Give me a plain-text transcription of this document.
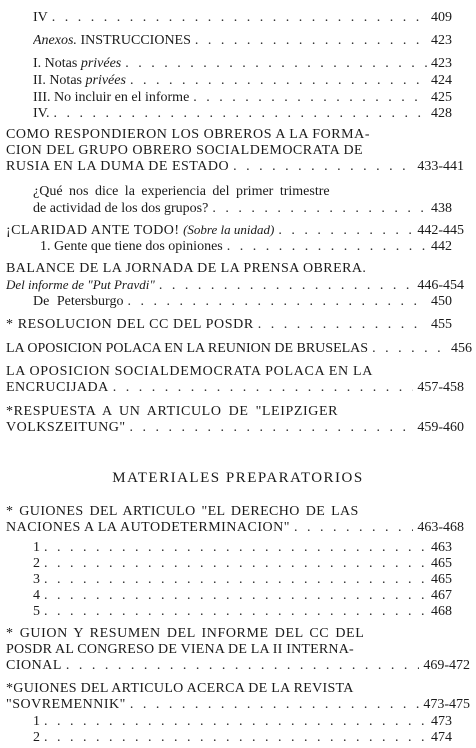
IV . . .	409
Anexos. INSTRUCCIONES . . .	423
I. Notas privées . . .	423
II. Notas privées . . .	424
III. No incluir en el informe . . .	425
IV. . . .	428
COMO RESPONDIERON LOS OBREROS A LA FORMA-
CION DEL GRUPO OBRERO SOCIALDEMOCRATA DE
RUSIA EN LA DUMA DE ESTADO . . .	433-441
¿Qué nos dice la experiencia del primer trimestre
de actividad de los dos grupos? . . .	438
¡CLARIDAD ANTE TODO! (Sobre la unidad) . . .	442-445
1. Gente que tiene dos opiniones . . .	442
BALANCE DE LA JORNADA DE LA PRENSA OBRERA.
Del informe de "Put Pravdi" . . .	446-454
De Petersburgo . . .	450
* RESOLUCION DEL CC DEL POSDR . . .	455
LA OPOSICION POLACA EN LA REUNION DE BRUSELAS . . .	456
LA OPOSICION SOCIALDEMOCRATA POLACA EN LA
ENCRUCIJADA . . .	457-458
*RESPUESTA A UN ARTICULO DE "LEIPZIGER
VOLKSZEITUNG" . . .	459-460
MATERIALES PREPARATORIOS
* GUIONES DEL ARTICULO "EL DERECHO DE LAS
NACIONES A LA AUTODETERMINACION" . . .	463-468
1 . . .	463
2 . . .	465
3 . . .	465
4 . . .	467
5 . . .	468
* GUION Y RESUMEN DEL INFORME DEL CC DEL
POSDR AL CONGRESO DE VIENA DE LA II INTERNA-
CIONAL . . .	469-472
*GUIONES DEL ARTICULO ACERCA DE LA REVISTA
"SOVREMENNIK" . . .	473-475
1 . . .	473
2 . . .	474
